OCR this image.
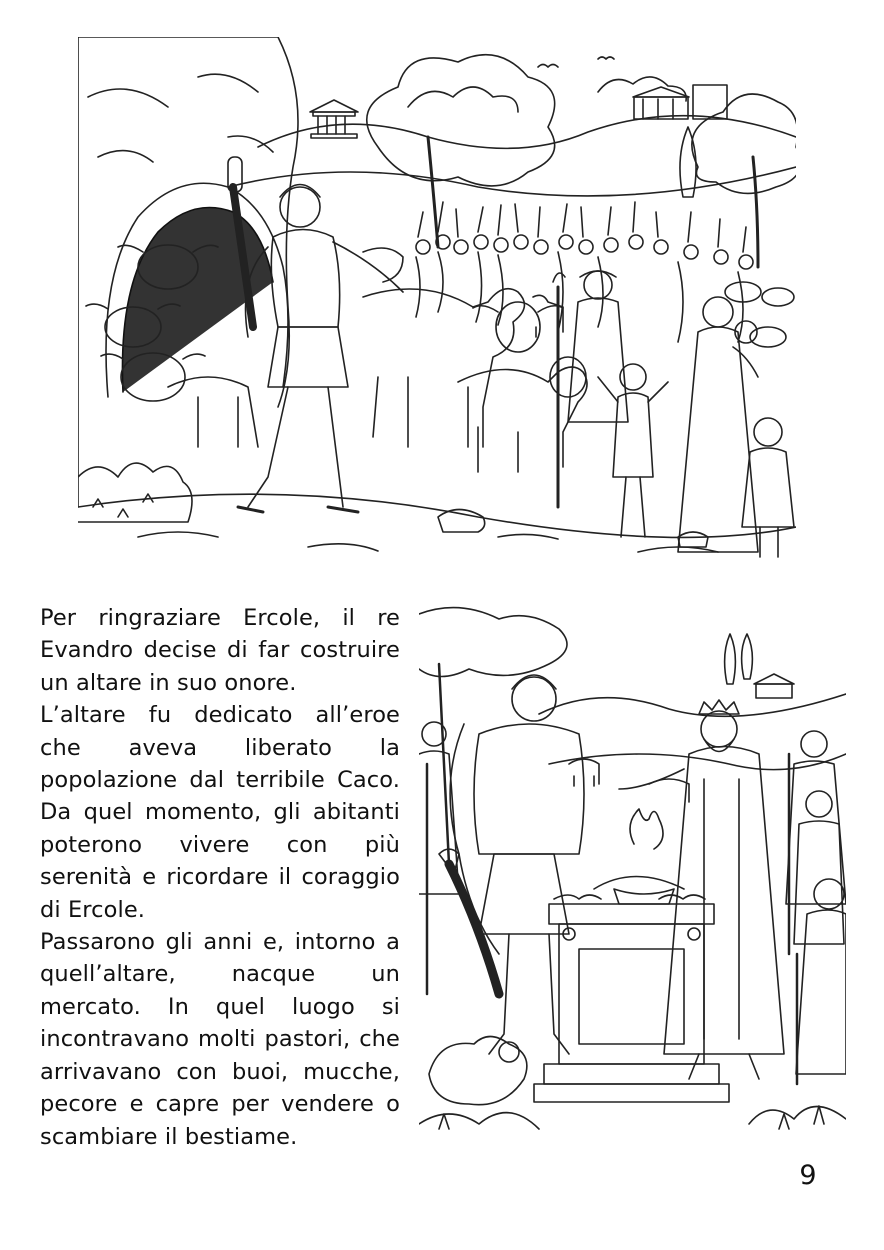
Per ringraziare Ercole, il re Evandro decise di far costruire un altare in suo onore.

L’altare fu dedicato all’eroe che aveva liberato la popolazione dal terribile Caco. Da quel momento, gli abitanti poterono vivere con più serenità e ricordare il coraggio di Ercole.

Passarono gli anni e, intorno a quell’altare, nacque un mercato. In quel luogo si incontravano molti pastori, che arrivavano con buoi, mucche, pecore e capre per vendere o scambiare il bestiame.

9
